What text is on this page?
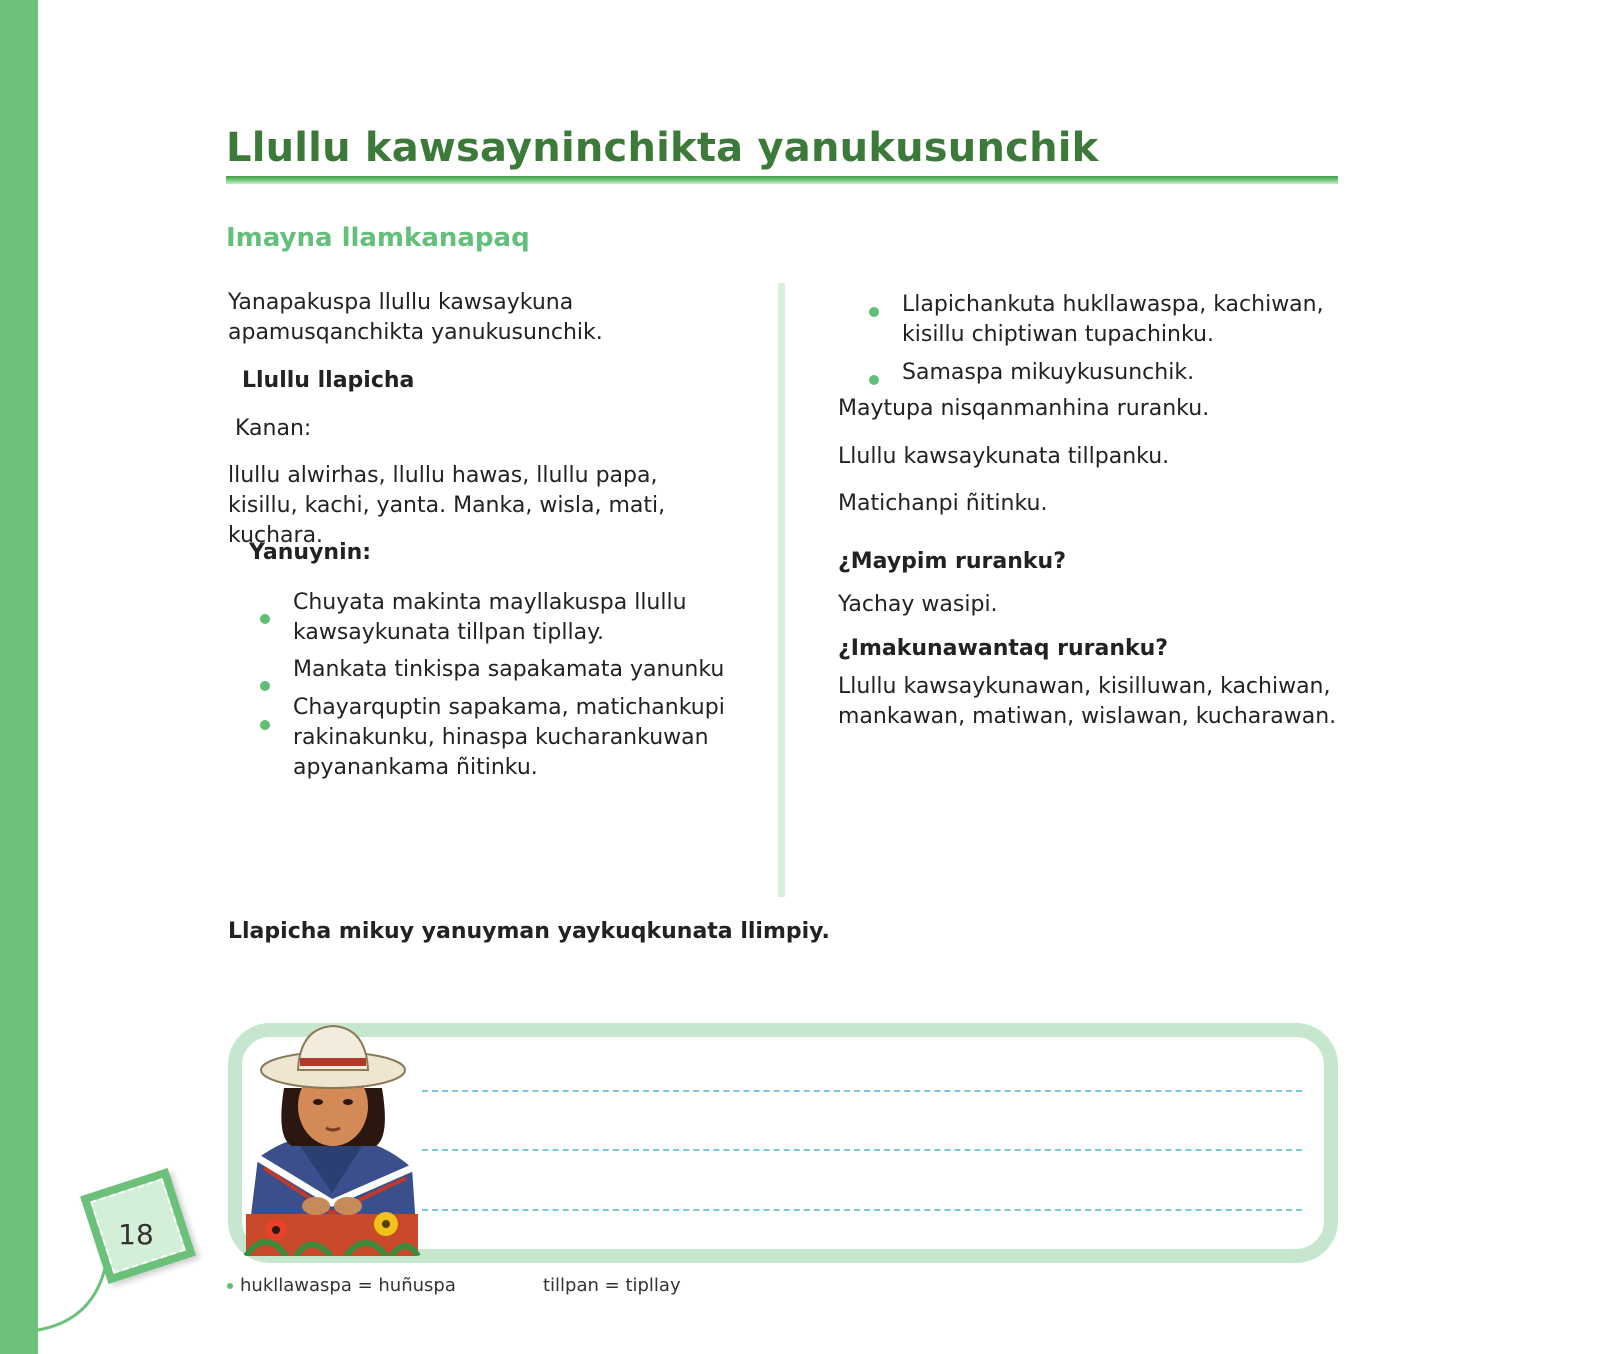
Llullu kawsayninchikta yanukusunchik
Imayna llamkanapaq

Yanapakuspa llullu kawsaykuna apamusqanchikta yanukusunchik.

Llullu llapicha

Kanan:

llullu alwirhas, llullu hawas, llullu papa, kisillu, kachi, yanta. Manka, wisla, mati, kuchara.

Yanuynin:

Chuyata makinta mayllakuspa llullu kawsaykunata tillpan tipllay.

Mankata tinkispa sapakamata yanunku

Chayarquptin sapakama, matichankupi rakinakunku, hinaspa kucharankuwan apyanankama ñitinku.

Llapichankuta hukllawaspa, kachiwan, kisillu chiptiwan tupachinku.

Samaspa mikuykusunchik.

Maytupa nisqanmanhina ruranku.

Llullu kawsaykunata tillpanku.

Matichanpi ñitinku.

¿Maypim ruranku?

Yachay wasipi.

¿Imakunawantaq ruranku?

Llullu kawsaykunawan, kisilluwan, kachiwan, mankawan, matiwan, wislawan, kucharawan.

Llapicha mikuy yanuyman yaykuqkunata llimpiy.

18

hukllawaspa = huñuspa	tillpan = tipllay
